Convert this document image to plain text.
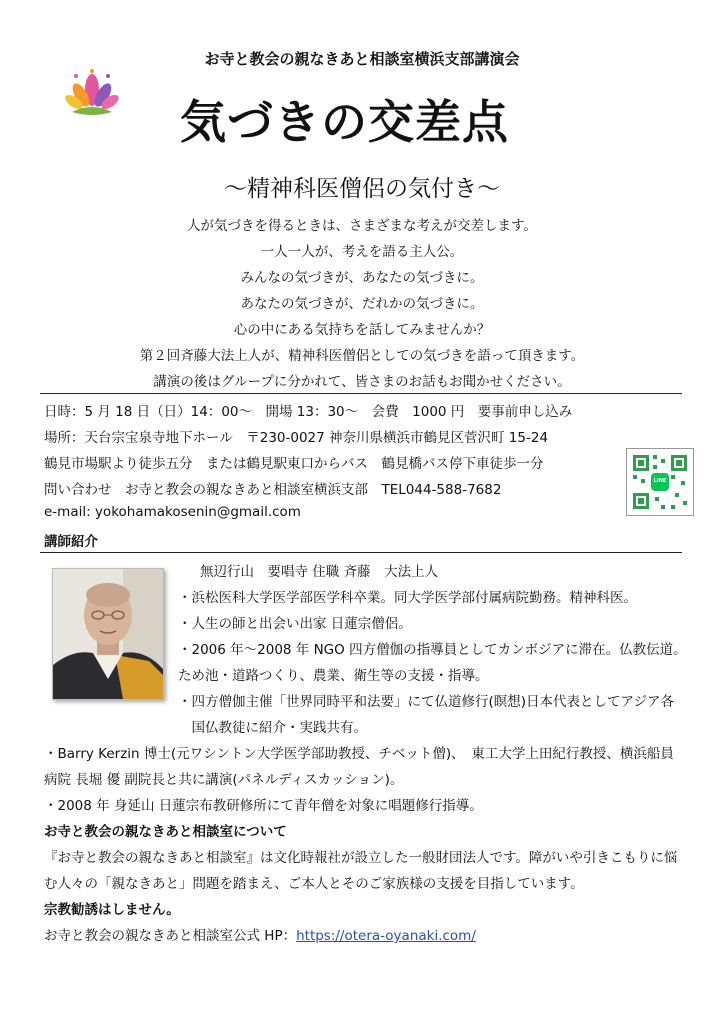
お寺と教会の親なきあと相談室横浜支部講演会
気づきの交差点
～精神科医僧侶の気付き～
人が気づきを得るときは、さまざまな考えが交差します。
一人一人が、考えを語る主人公。
みんなの気づきが、あなたの気づきに。
あなたの気づきが、だれかの気づきに。
心の中にある気持ちを話してみませんか？
第２回斉藤大法上人が、精神科医僧侶としての気づきを語って頂きます。
講演の後はグループに分かれて、皆さまのお話もお聞かせください。
日時：5 月 18 日（日）14：00～　開場 13：30～　会費　1000 円　要事前申し込み
場所：天台宗宝泉寺地下ホール　〒230-0027 神奈川県横浜市鶴見区菅沢町 15-24
鶴見市場駅より徒歩五分　または鶴見駅東口からバス　鶴見橋バス停下車徒歩一分
問い合わせ　お寺と教会の親なきあと相談室横浜支部　TEL044-588-7682
e-mail: yokohamakosenin@gmail.com
LINE
講師紹介
無辺行山　要唱寺 住職 斉藤　大法上人
・浜松医科大学医学部医学科卒業。同大学医学部付属病院勤務。精神科医。
・人生の師と出会い出家 日蓮宗僧侶。
・2006 年～2008 年 NGO 四方僧伽の指導員としてカンボジアに滞在。仏教伝道。
ため池・道路つくり、農業、衛生等の支援・指導。
・四方僧伽主催「世界同時平和法要」にて仏道修行(瞑想)日本代表としてアジア各
　国仏教徒に紹介・実践共有。
・Barry Kerzin 博士(元ワシントン大学医学部助教授、チベット僧)、　東工大学上田紀行教授、横浜船員
病院 長堀 優 副院長と共に講演(パネルディスカッション)。
・2008 年 身延山 日蓮宗布教研修所にて青年僧を対象に唱題修行指導。
お寺と教会の親なきあと相談室について
『お寺と教会の親なきあと相談室』は文化時報社が設立した一般財団法人です。障がいや引きこもりに悩
む人々の「親なきあと」問題を踏まえ、ご本人とそのご家族様の支援を目指しています。
宗教勧誘はしません。
お寺と教会の親なきあと相談室公式 HP：https://otera-oyanaki.com/
